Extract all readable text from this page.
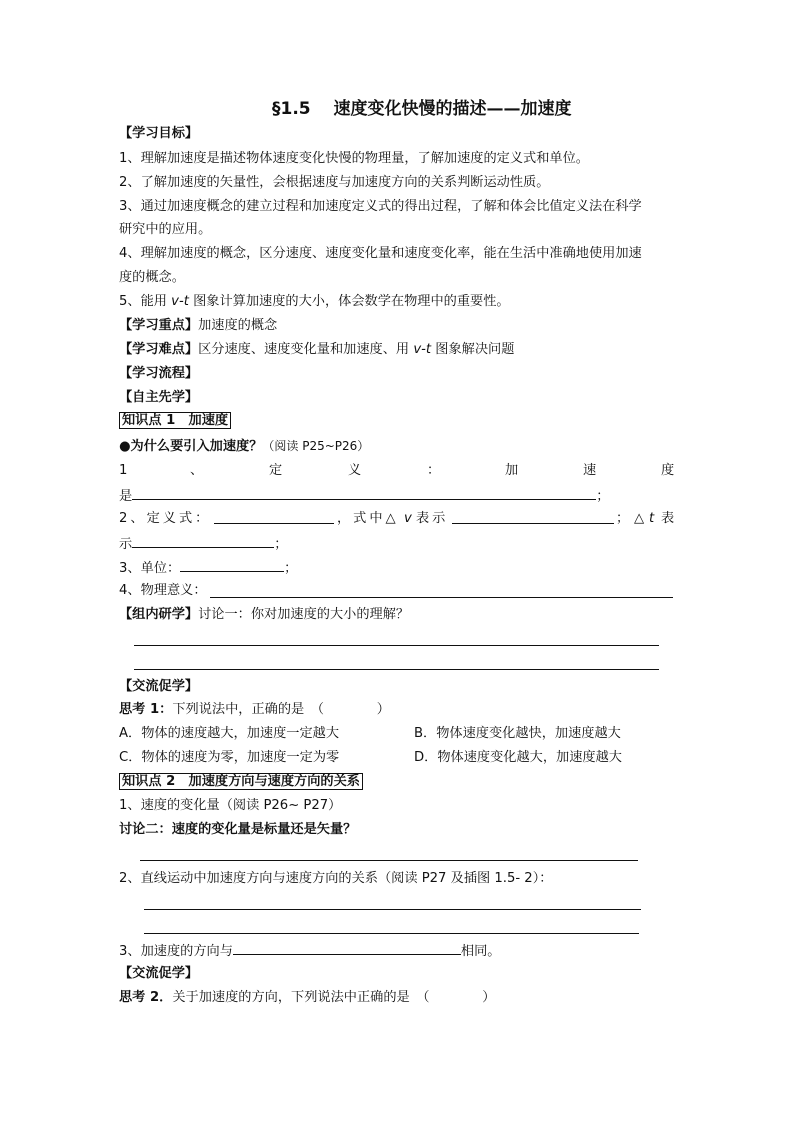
§1.5　 速度变化快慢的描述——加速度
【学习目标】
1、理解加速度是描述物体速度变化快慢的物理量，了解加速度的定义式和单位。
2、了解加速度的矢量性，会根据速度与加速度方向的关系判断运动性质。
3、通过加速度概念的建立过程和加速度定义式的得出过程，了解和体会比值定义法在科学
研究中的应用。
4、理解加速度的概念，区分速度、速度变化量和速度变化率，能在生活中准确地使用加速
度的概念。
5、能用 v-t 图象计算加速度的大小，体会数学在物理中的重要性。
【学习重点】加速度的概念
【学习难点】区分速度、速度变化量和加速度、用 v-t 图象解决问题
【学习流程】
【自主先学】
知识点 1　加速度
●为什么要引入加速度？（阅读 P25~P26）
1	、	定	义	：	加	速	度
是	；
2、定义式：	，式中△ v 表示	； △ t 表
示	；
3、单位：	；
4、物理意义：
【组内研学】讨论一：你对加速度的大小的理解？
【交流促学】
思考 1：下列说法中，正确的是　（　　　　）
A．物体的速度越大，加速度一定越大	B．物体速度变化越快，加速度越大
C．物体的速度为零，加速度一定为零	D．物体速度变化越大，加速度越大
知识点 2　加速度方向与速度方向的关系
1、速度的变化量（阅读 P26~ P27）
讨论二：速度的变化量是标量还是矢量？
2、直线运动中加速度方向与速度方向的关系（阅读 P27 及插图 1.5- 2）：
3、加速度的方向与	相同。
【交流促学】
思考 2．关于加速度的方向，下列说法中正确的是　（　　　　）
